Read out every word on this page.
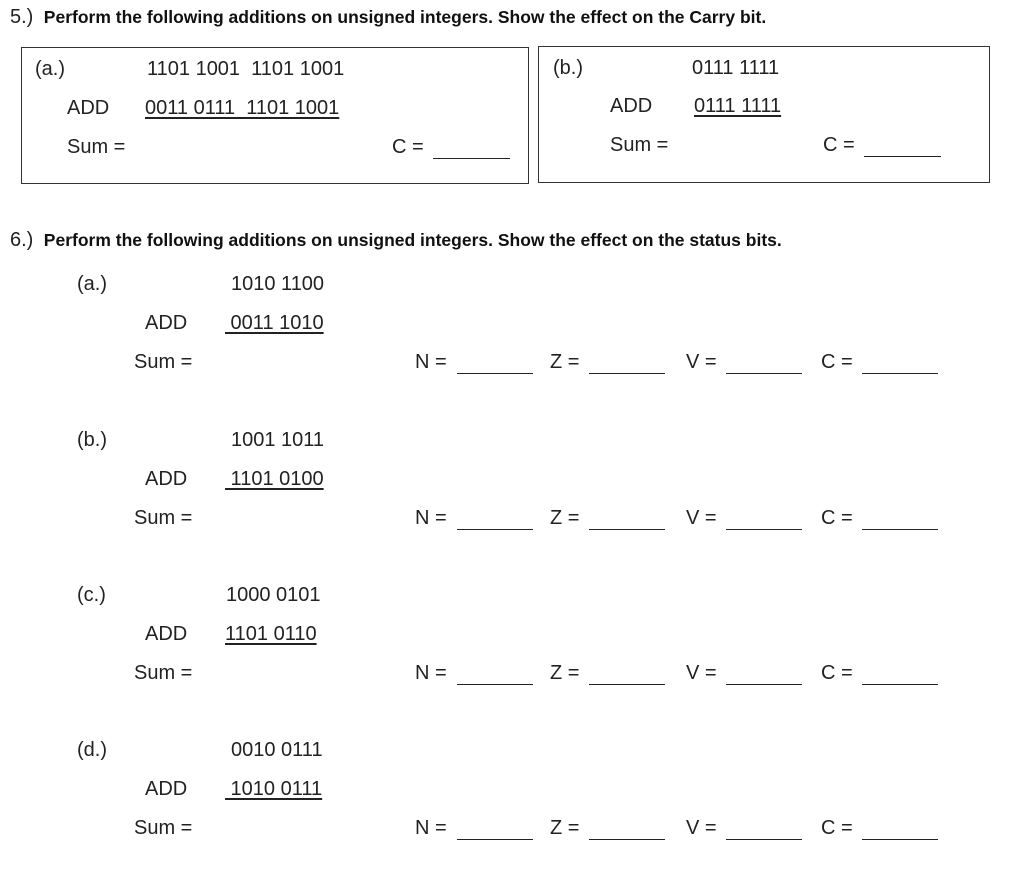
5.) Perform the following additions on unsigned integers. Show the effect on the Carry bit.
(a.)	1101 1001  1101 1001
ADD 0011 0111  1101 1001
Sum =	C =
(b.)	0111 1111
ADD 0111 1111
Sum =	C =
6.) Perform the following additions on unsigned integers. Show the effect on the status bits.
(a.)	1010 1100
ADD 0011 1010
Sum =	N =	Z =	V =	C =
(b.)	1001 1011
ADD 1101 0100
Sum =	N =	Z =	V =	C =
(c.)	1000 0101
ADD 1101 0110
Sum =	N =	Z =	V =	C =
(d.)	0010 0111
ADD 1010 0111
Sum =	N =	Z =	V =	C =
